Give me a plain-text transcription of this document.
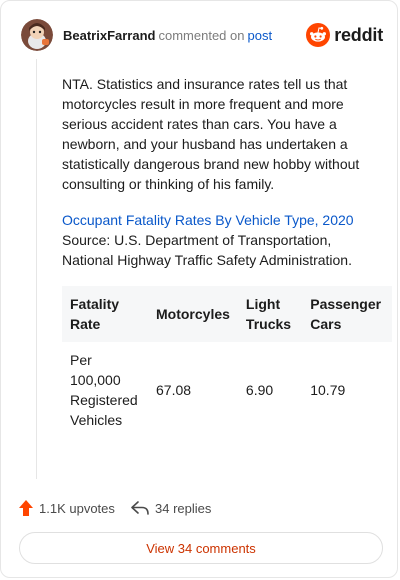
BeatrixFarrand commented on post	reddit

NTA. Statistics and insurance rates tell us that motorcycles result in more frequent and more serious accident rates than cars. You have a newborn, and your husband has undertaken a statistically dangerous brand new hobby without consulting or thinking of his family.

Occupant Fatality Rates By Vehicle Type, 2020

Source: U.S. Department of Transportation, National Highway Traffic Safety Administration.

Fatality Rate	Motorcyles	Light Trucks	Passenger Cars
Per 100,000 Registered Vehicles	67.08	6.90	10.79
1.1K upvotes	34 replies
View 34 comments
